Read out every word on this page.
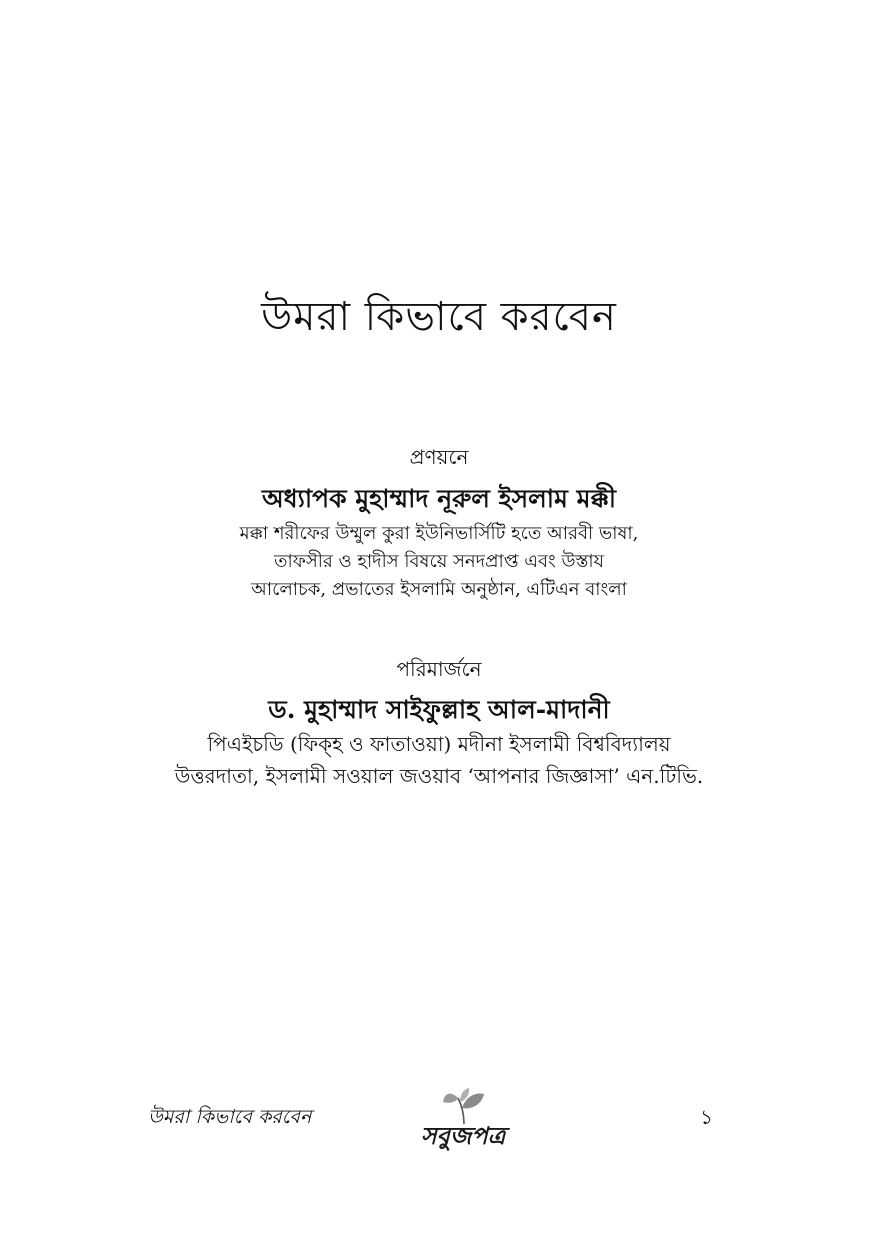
উমরা কিভাবে করবেন
প্রণয়নে
অধ্যাপক মুহাম্মাদ নূরুল ইসলাম মক্কী
মক্কা শরীফের উম্মুল কুরা ইউনিভার্সিটি হতে আরবী ভাষা,
তাফসীর ও হাদীস বিষয়ে সনদপ্রাপ্ত এবং উস্তায
আলোচক, প্রভাতের ইসলামি অনুষ্ঠান, এটিএন বাংলা
পরিমার্জনে
ড. মুহাম্মাদ সাইফুল্লাহ আল-মাদানী
পিএইচডি (ফিক্‌হ ও ফাতাওয়া) মদীনা ইসলামী বিশ্ববিদ্যালয়
উত্তরদাতা, ইসলামী সওয়াল জওয়াব ‘আপনার জিজ্ঞাসা’ এন.টিভি.
উমরা কিভাবে করবেন
সবুজপত্র
১
